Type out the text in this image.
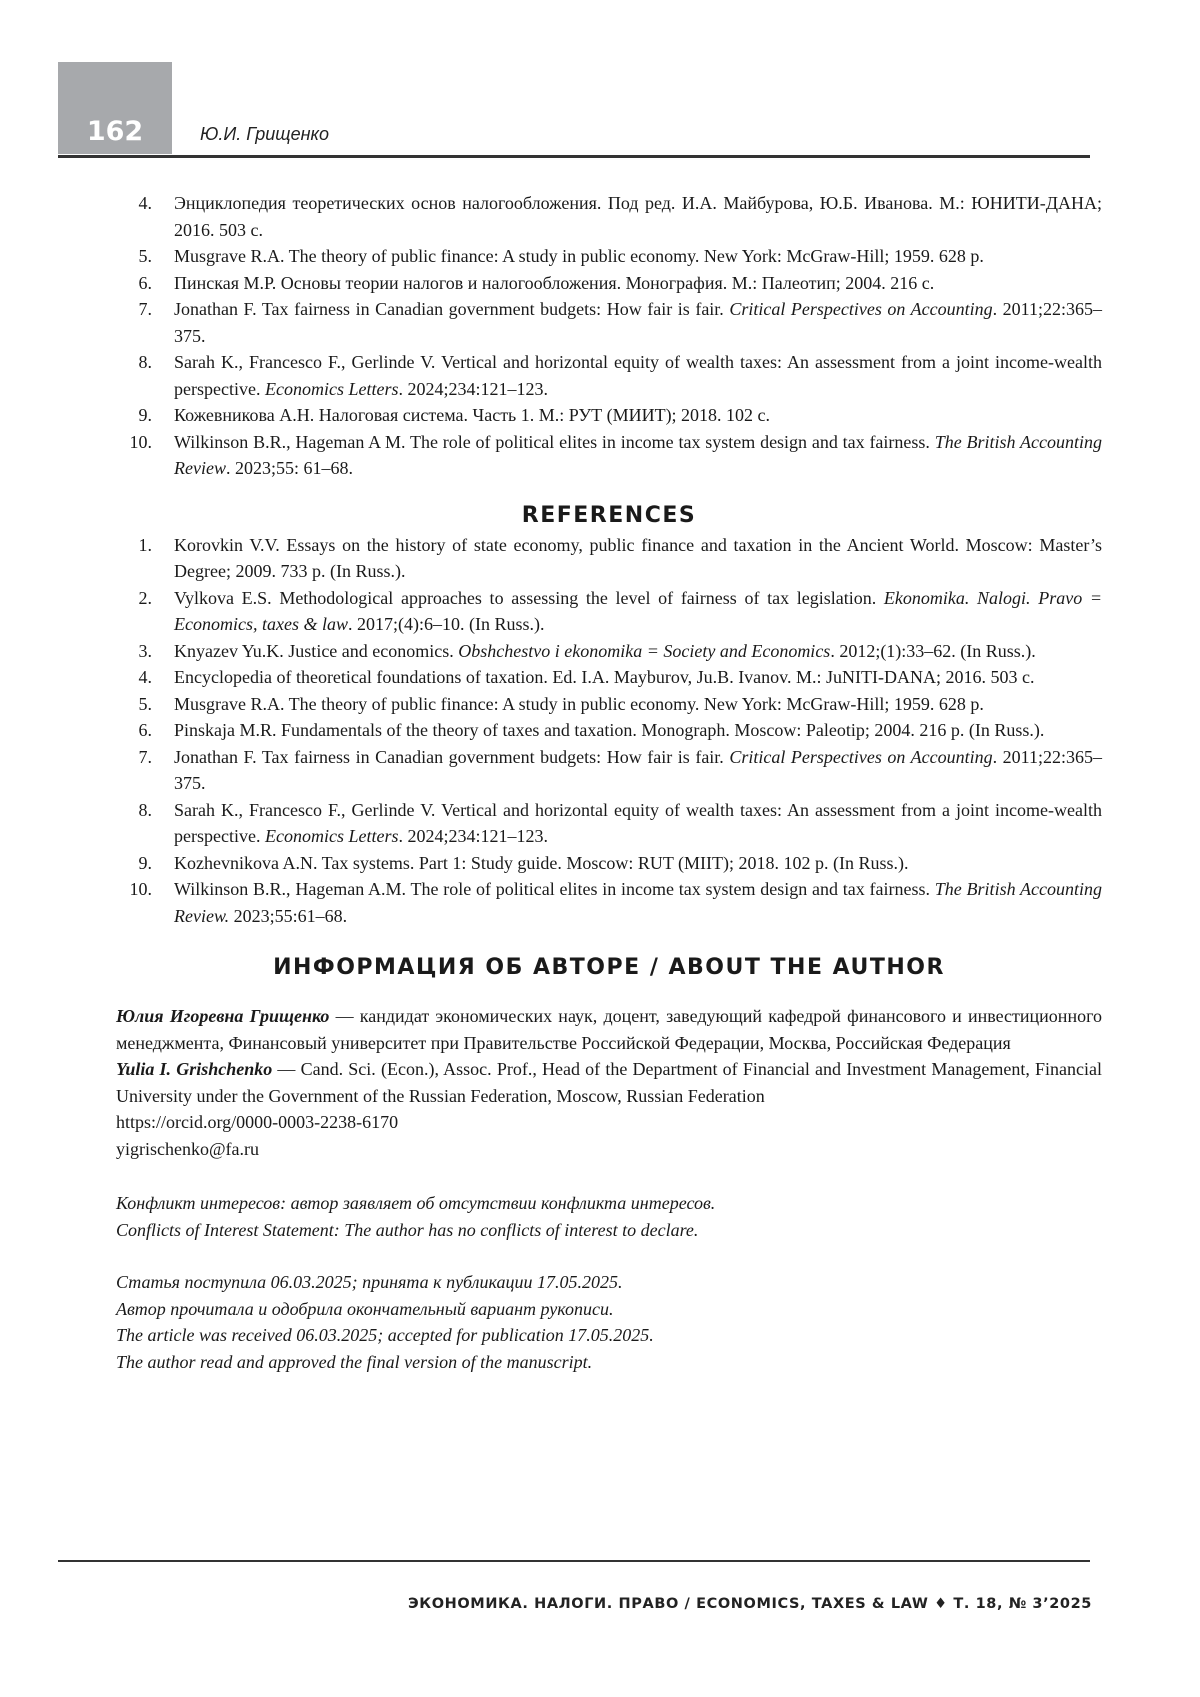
162	Ю.И. Грищенко
4. Энциклопедия теоретических основ налогообложения. Под ред. И.А. Майбурова, Ю.Б. Иванова. М.: ЮНИТИ-ДАНА; 2016. 503 с.
5. Musgrave R.A. The theory of public finance: A study in public economy. New York: McGraw-Hill; 1959. 628 p.
6. Пинская М.Р. Основы теории налогов и налогообложения. Монография. М.: Палеотип; 2004. 216 с.
7. Jonathan F. Tax fairness in Canadian government budgets: How fair is fair. Critical Perspectives on Accounting. 2011;22:365–375.
8. Sarah K., Francesco F., Gerlinde V. Vertical and horizontal equity of wealth taxes: An assessment from a joint income-wealth perspective. Economics Letters. 2024;234:121–123.
9. Кожевникова А.Н. Налоговая система. Часть 1. М.: РУТ (МИИТ); 2018. 102 с.
10. Wilkinson B.R., Hageman A M. The role of political elites in income tax system design and tax fairness. The British Accounting Review. 2023;55: 61–68.
REFERENCES
1. Korovkin V.V. Essays on the history of state economy, public finance and taxation in the Ancient World. Moscow: Master’s Degree; 2009. 733 p. (In Russ.).
2. Vylkova E.S. Methodological approaches to assessing the level of fairness of tax legislation. Ekonomika. Nalogi. Pravo = Economics, taxes & law. 2017;(4):6–10. (In Russ.).
3. Knyazev Yu.K. Justice and economics. Obshchestvo i ekonomika = Society and Economics. 2012;(1):33–62. (In Russ.).
4. Encyclopedia of theoretical foundations of taxation. Ed. I.A. Mayburov, Ju.B. Ivanov. M.: JuNITI-DANA; 2016. 503 c.
5. Musgrave R.A. The theory of public finance: A study in public economy. New York: McGraw-Hill; 1959. 628 p.
6. Pinskaja M.R. Fundamentals of the theory of taxes and taxation. Monograph. Moscow: Paleotip; 2004. 216 p. (In Russ.).
7. Jonathan F. Tax fairness in Canadian government budgets: How fair is fair. Critical Perspectives on Accounting. 2011;22:365–375.
8. Sarah K., Francesco F., Gerlinde V. Vertical and horizontal equity of wealth taxes: An assessment from a joint income-wealth perspective. Economics Letters. 2024;234:121–123.
9. Kozhevnikova A.N. Tax systems. Part 1: Study guide. Moscow: RUT (MIIT); 2018. 102 p. (In Russ.).
10. Wilkinson B.R., Hageman A.M. The role of political elites in income tax system design and tax fairness. The British Accounting Review. 2023;55:61–68.
ИНФОРМАЦИЯ ОБ АВТОРЕ / ABOUT THE AUTHOR

Юлия Игоревна Грищенко — кандидат экономических наук, доцент, заведующий кафедрой финансового и инвестиционного менеджмента, Финансовый университет при Правительстве Российской Федерации, Москва, Российская Федерация

Yulia I. Grishchenko — Cand. Sci. (Econ.), Assoc. Prof., Head of the Department of Financial and Investment Management, Financial University under the Government of the Russian Federation, Moscow, Russian Federation

https://orcid.org/0000-0003-2238-6170

yigrischenko@fa.ru

Конфликт интересов: автор заявляет об отсутствии конфликта интересов.

Conflicts of Interest Statement: The author has no conflicts of interest to declare.

Статья поступила 06.03.2025; принята к публикации 17.05.2025.

Автор прочитала и одобрила окончательный вариант рукописи.

The article was received 06.03.2025; accepted for publication 17.05.2025.

The author read and approved the final version of the manuscript.

ЭКОНОМИКА. НАЛОГИ. ПРАВО / ECONOMICS, TAXES & LAW ♦ Т. 18, № 3’2025
